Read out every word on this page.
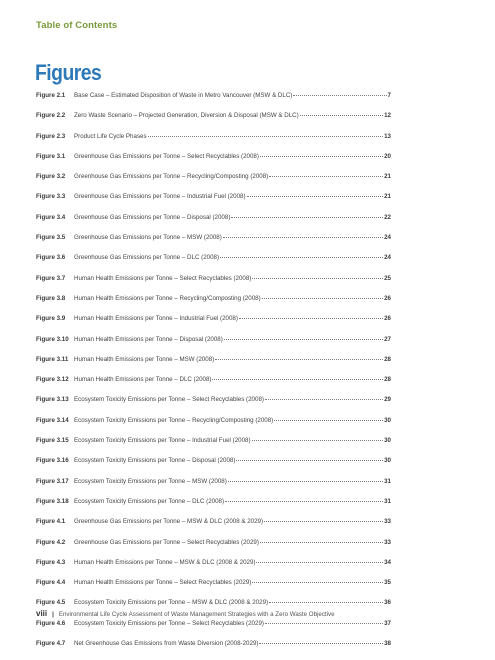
Table of Contents
Figures
Figure 2.1	Base Case – Estimated Disposition of Waste in Metro Vancouver (MSW & DLC)	7
Figure 2.2	Zero Waste Scenario – Projected Generation, Diversion & Disposal (MSW & DLC)	12
Figure 2.3	Product Life Cycle Phases	13
Figure 3.1	Greenhouse Gas Emissions per Tonne – Select Recyclables (2008)	20
Figure 3.2	Greenhouse Gas Emissions per Tonne – Recycling/Composting (2008)	21
Figure 3.3	Greenhouse Gas Emissions per Tonne – Industrial Fuel (2008)	21
Figure 3.4	Greenhouse Gas Emissions per Tonne – Disposal (2008)	22
Figure 3.5	Greenhouse Gas Emissions per Tonne – MSW (2008)	24
Figure 3.6	Greenhouse Gas Emissions per Tonne – DLC (2008)	24
Figure 3.7	Human Health Emissions per Tonne – Select Recyclables (2008)	25
Figure 3.8	Human Health Emissions per Tonne – Recycling/Composting (2008)	26
Figure 3.9	Human Health Emissions per Tonne – Industrial Fuel (2008)	26
Figure 3.10 Human Health Emissions per Tonne – Disposal (2008)	27
Figure 3.11 Human Health Emissions per Tonne – MSW (2008)	28
Figure 3.12 Human Health Emissions per Tonne – DLC (2008)	28
Figure 3.13 Ecosystem Toxicity Emissions per Tonne – Select Recyclables (2008)	29
Figure 3.14 Ecosystem Toxicity Emissions per Tonne – Recycling/Composting (2008)	30
Figure 3.15 Ecosystem Toxicity Emissions per Tonne – Industrial Fuel (2008)	30
Figure 3.16 Ecosystem Toxicity Emissions per Tonne – Disposal (2008)	30
Figure 3.17 Ecosystem Toxicity Emissions per Tonne – MSW (2008)	31
Figure 3.18 Ecosystem Toxicity Emissions per Tonne – DLC (2008)	31
Figure 4.1	Greenhouse Gas Emissions per Tonne – MSW & DLC (2008 & 2029)	33
Figure 4.2	Greenhouse Gas Emissions per Tonne – Select Recyclables (2029)	33
Figure 4.3	Human Health Emissions per Tonne – MSW & DLC (2008 & 2029)	34
Figure 4.4	Human Health Emissions per Tonne – Select Recyclables (2029)	35
Figure 4.5	Ecosystem Toxicity Emissions per Tonne – MSW & DLC (2008 & 2029)	36
Figure 4.6	Ecosystem Toxicity Emissions per Tonne – Select Recyclables (2029)	37
Figure 4.7	Net Greenhouse Gas Emissions from Waste Diversion (2008-2029)	38
viii | Environmental Life Cycle Assessment of Waste Management Strategies with a Zero Waste Objective
